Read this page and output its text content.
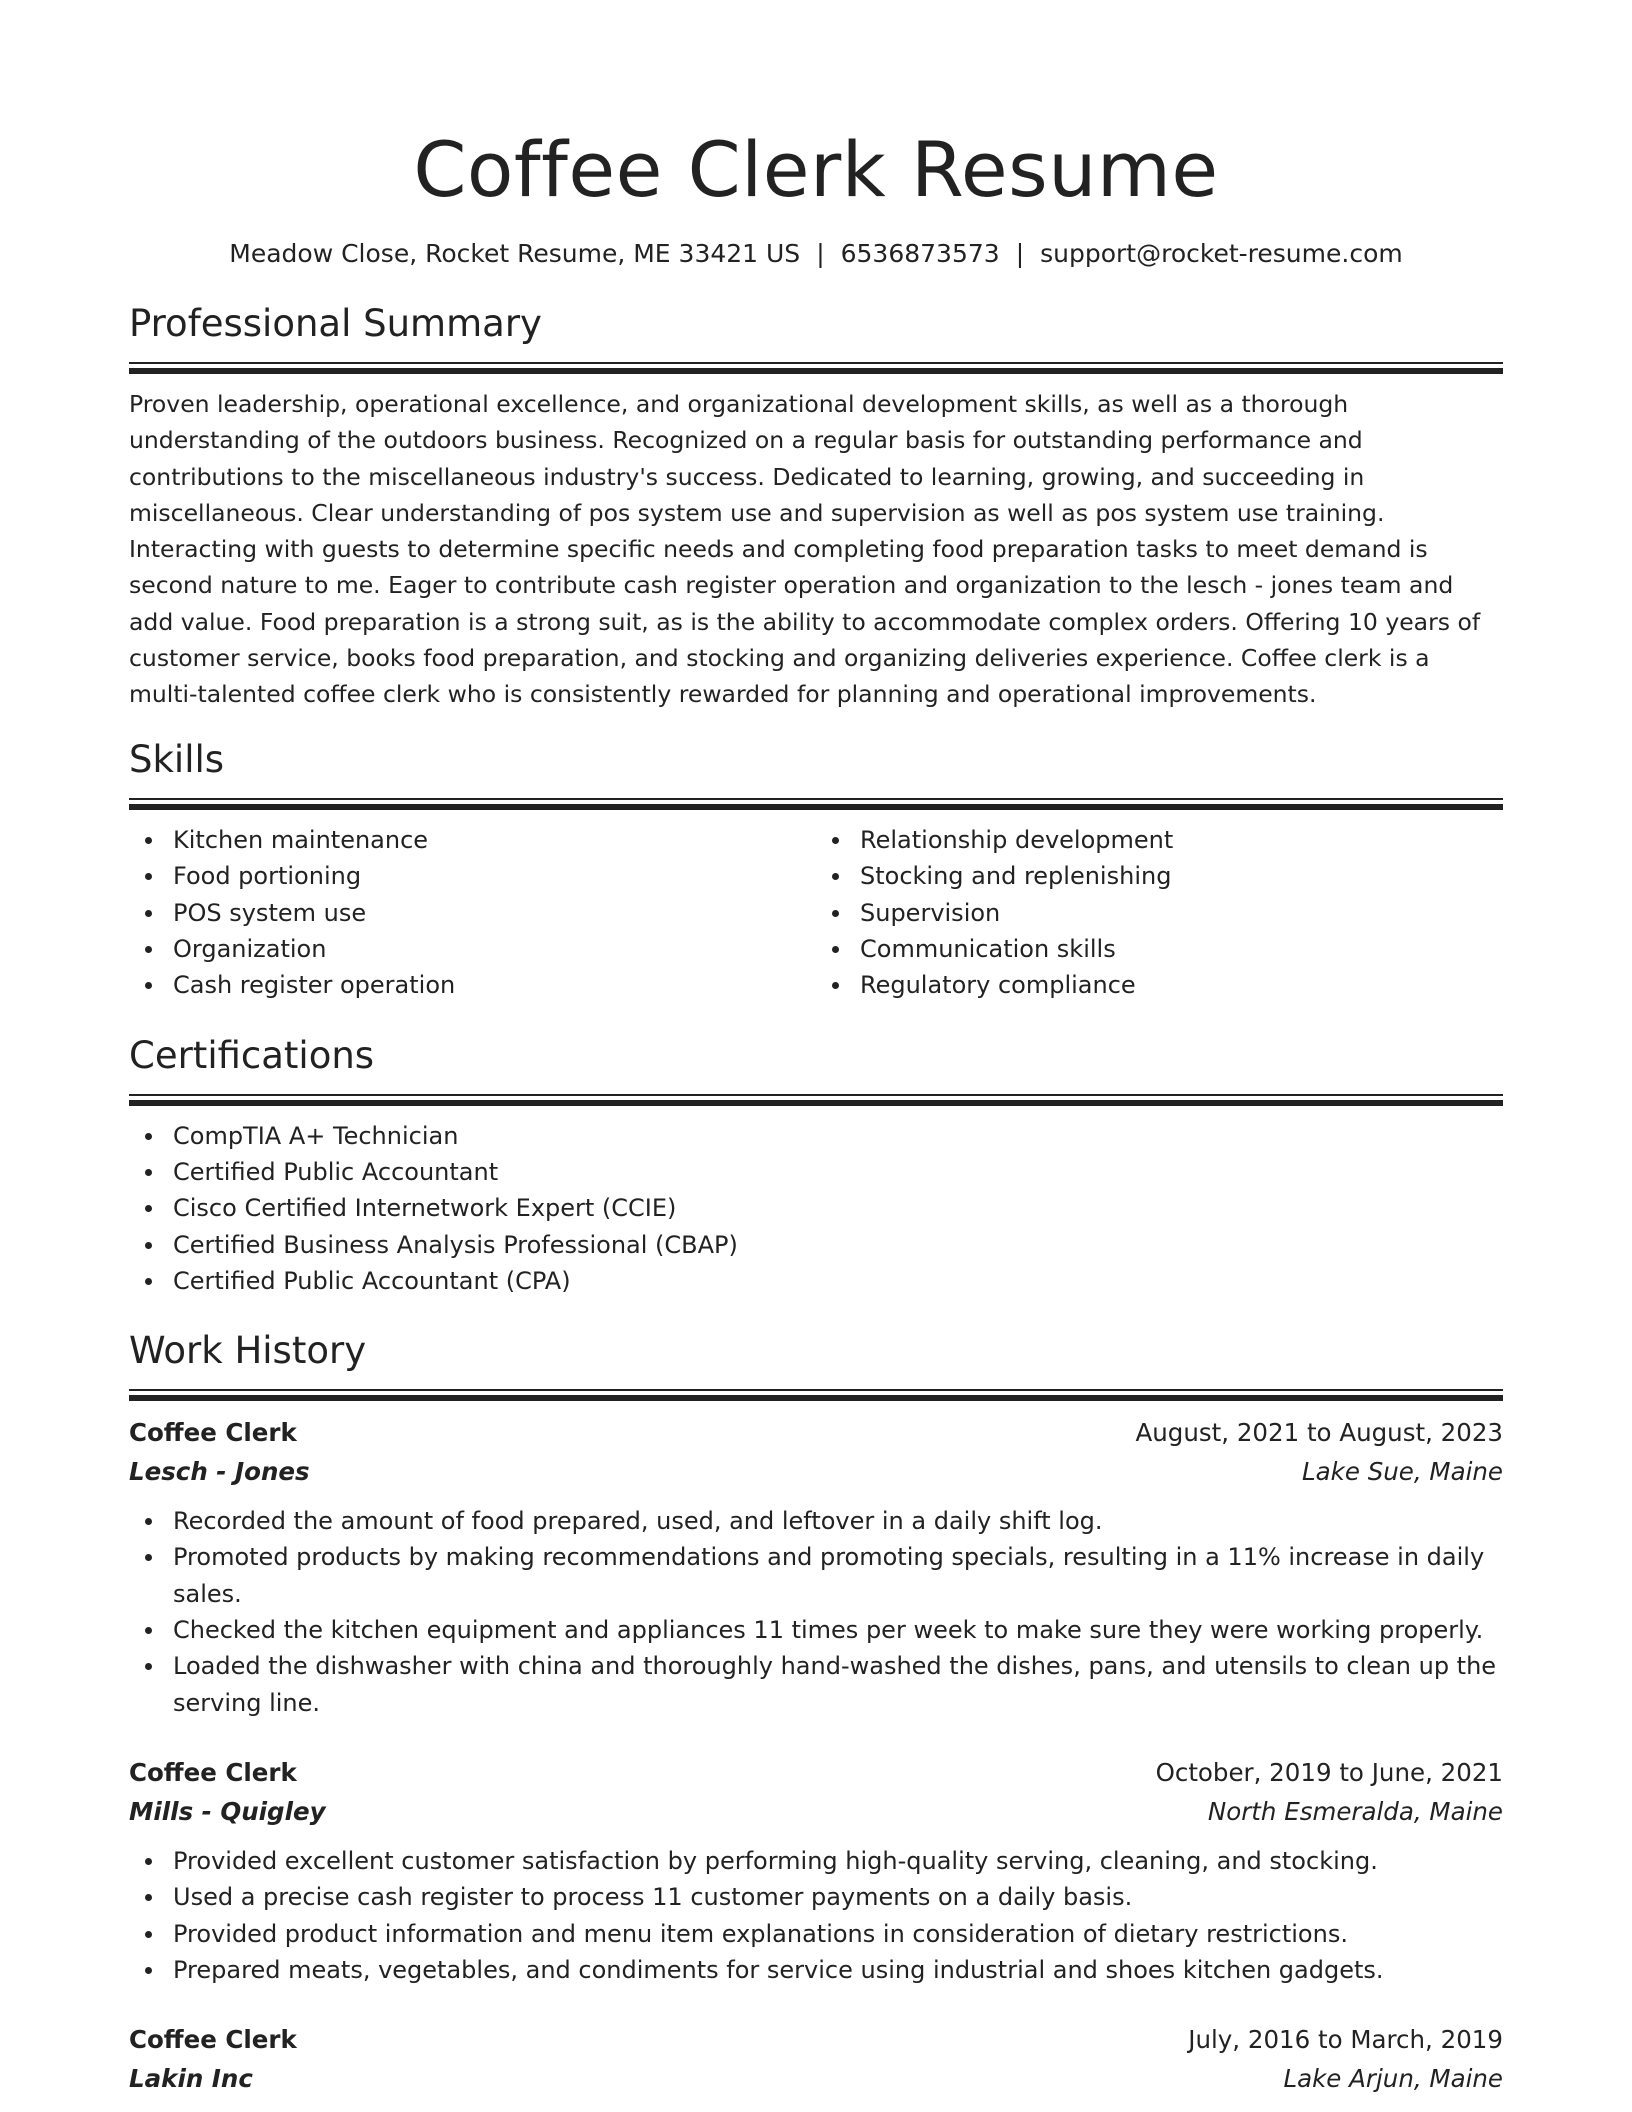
Coffee Clerk Resume
Meadow Close, Rocket Resume, ME 33421 US | 6536873573 | support@rocket-resume.com
Professional Summary

Proven leadership, operational excellence, and organizational development skills, as well as a thorough understanding of the outdoors business. Recognized on a regular basis for outstanding performance and contributions to the miscellaneous industry's success. Dedicated to learning, growing, and succeeding in miscellaneous. Clear understanding of pos system use and supervision as well as pos system use training. Interacting with guests to determine specific needs and completing food preparation tasks to meet demand is second nature to me. Eager to contribute cash register operation and organization to the lesch - jones team and add value. Food preparation is a strong suit, as is the ability to accommodate complex orders. Offering 10 years of customer service, books food preparation, and stocking and organizing deliveries experience. Coffee clerk is a multi-talented coffee clerk who is consistently rewarded for planning and operational improvements.

Skills
Kitchen maintenance
Food portioning
POS system use
Organization
Cash register operation
Relationship development
Stocking and replenishing
Supervision
Communication skills
Regulatory compliance
Certifications
CompTIA A+ Technician
Certified Public Accountant
Cisco Certified Internetwork Expert (CCIE)
Certified Business Analysis Professional (CBAP)
Certified Public Accountant (CPA)
Work History
Coffee Clerk	August, 2021 to August, 2023
Lesch - Jones	Lake Sue, Maine
Recorded the amount of food prepared, used, and leftover in a daily shift log.
Promoted products by making recommendations and promoting specials, resulting in a 11% increase in daily sales.
Checked the kitchen equipment and appliances 11 times per week to make sure they were working properly.
Loaded the dishwasher with china and thoroughly hand-washed the dishes, pans, and utensils to clean up the serving line.
Coffee Clerk	October, 2019 to June, 2021
Mills - Quigley	North Esmeralda, Maine
Provided excellent customer satisfaction by performing high-quality serving, cleaning, and stocking.
Used a precise cash register to process 11 customer payments on a daily basis.
Provided product information and menu item explanations in consideration of dietary restrictions.
Prepared meats, vegetables, and condiments for service using industrial and shoes kitchen gadgets.
Coffee Clerk	July, 2016 to March, 2019
Lakin Inc	Lake Arjun, Maine
